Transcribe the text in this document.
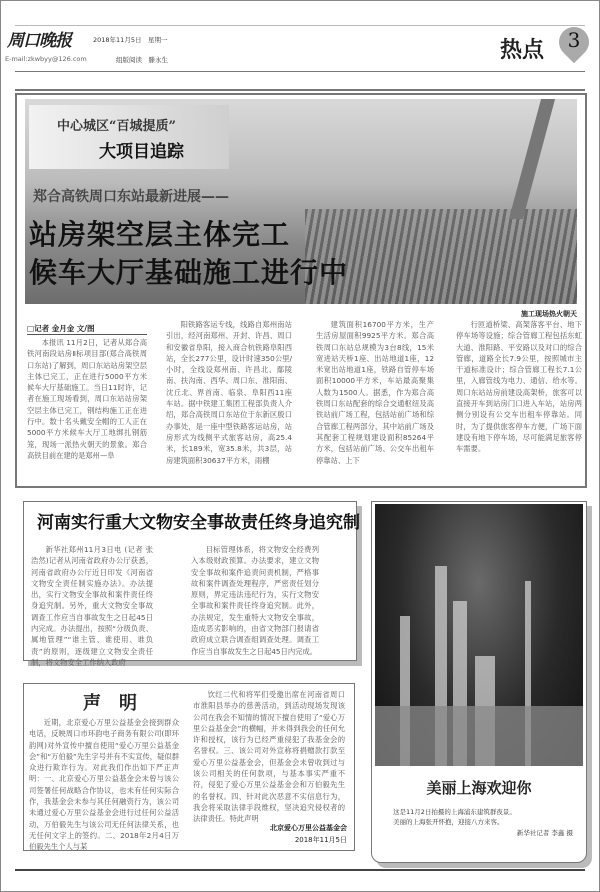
周口晚报	2018年11月5日　 星期一
E-mail:zkwbyy@126.com	组版阅读　 滕永生	热点 3
中心城区“百城提质”
大项目追踪
郑合高铁周口东站最新进展——
站房架空层主体完工
候车大厅基础施工进行中
施工现场热火朝天
□记者 金月金 文/图

本报讯 11月2日，记者从郑合高铁河南段站房Ⅱ标项目部(郑合高铁周口东站)了解到，周口东站站房架空层主体已完工，正在进行5000平方米候车大厅基础施工。当日11时许，记者在施工现场看到，周口东站站房架空层主体已完工，钢结构施工正在进行中。数十名头戴安全帽的工人正在5000平方米候车大厅工地绑扎钢筋笼，现场一派热火朝天的景象。郑合高铁目前在建的是郑州—阜

阳铁路客运专线，线路自郑州南站引出，经河南郑州、开封、许昌、周口和安徽省阜阳，接入商合杭铁路阜阳西站，全长277公里，设计时速350公里/小时，全线设郑州南、许昌北、鄢陵南、扶沟南、西华、周口东、淮阳南、沈丘北、界首南、临泉、阜阳西11座车站。据中铁建工集团工程部负责人介绍，郑合高铁周口东站位于东新区殷口办事处，是一座中型铁路客运站房，站房形式为线侧平式旅客站房，高25.4米，长189米，宽35.8米，共3层，站房建筑面积30637平方米，雨棚

建筑面积16700平方米，生产生活房屋面积9925平方米。郑合高铁周口东站总规模为3台8线，15米宽进站天桥1座、出站地道1座，12米宽出站地道1座，铁路自管停车场面积10000平方米，车站最高聚集人数为1500人。据悉，作为郑合高铁周口东站配套的综合交通枢纽及高铁站前广场工程，包括站前广场和综合管廊工程两部分，其中站前广场及其配套工程规划建设面积85264平方米，包括站前广场、公交车出租车停靠站、上下

行匝道桥梁、高架落客平台、地下停车场等设施；综合管廊工程包括东虹大道、淮阳路、平安路以及对口的综合管廊，道路全长7.9公里，按照城市主干道标准设计；综合管廊工程长7.1公里，入廊管线为电力、通信、给水等。周口东站站房前建设高架桥，旅客可以直接开车到站房门口进入车站，站房两侧分别设有公交车出租车停靠站。同时，为了提供旅客停车方便，广场下面建设有地下停车场，尽可能满足旅客停车需要。

河南实行重大文物安全事故责任终身追究制

新华社郑州11月3日电 (记者 张浩然)记者从河南省政府办公厅获悉，河南省政府办公厅近日印发《河南省文物安全责任制实施办法》。办法提出，实行文物安全事故和案件责任终身追究制。另外，重大文物安全事故调查工作应当自事故发生之日起45日内完成。办法提出，按照“分级负责、属地管理”“谁主管、谁使用、谁负责”的原则，逐级建立文物安全责任制，将文物安全工作纳入政府

目标管理体系，将文物安全经费列入本级财政预算。办法要求，建立文物安全事故和案件追责问责机制，严格事故和案件调查处理程序，严密责任划分原则，界定违法违纪行为，实行文物安全事故和案件责任终身追究制。此外，办法规定，发生重特大文物安全事故，造成恶劣影响的，由省文物部门报请省政府成立联合调查组调查处理。调查工作应当自事故发生之日起45日内完成。

声　明

近期，北京爱心万里公益基金会接到群众电话，反映周口市环韵电子商务有限公司(即环韵网)对外宣传中擅自使用“爱心万里公益基金会”和“万伯毅”先生字号并有不实宣传，疑似群众进行欺诈行为。对此我们作出如下严正声明：一、北京爱心万里公益基金会未曾与该公司签署任何战略合作协议，也未有任何实际合作，我基金会未参与其任何融资行为，该公司未通过爱心万里公益基金会进行过任何公益活动，万伯毅先生与该公司无任何法律关系，也无任何文字上的签约。二、2018年2月4日万伯毅先生个人与某

饮红二代和将军们受邀出席在河南省周口市淮阳县举办的慈善活动，到活动现场发现该公司在我会不知情的情况下擅自使用了“爱心万里公益基金会”的横幅，并未得到我会的任何允许和授权，该行为已经严重侵犯了我基金会的名誉权。三、该公司对外宣称将捐赠款打款至爱心万里公益基金会，但基金会未曾收到过与该公司相关的任何款项，与基本事实严重不符，侵犯了爱心万里公益基金会和万伯毅先生的名誉权。四、针对此次恶意不实信息行为，我会将采取法律手段维权，坚决追究侵权者的法律责任。特此声明

北京爱心万里公益基金会
2018年11月5日
美丽上海欢迎你
这是11月2日拍摄的上海浦东建筑群夜景。
美丽的上海张开怀抱，迎接八方来客。
新华社记者 李鑫 摄
